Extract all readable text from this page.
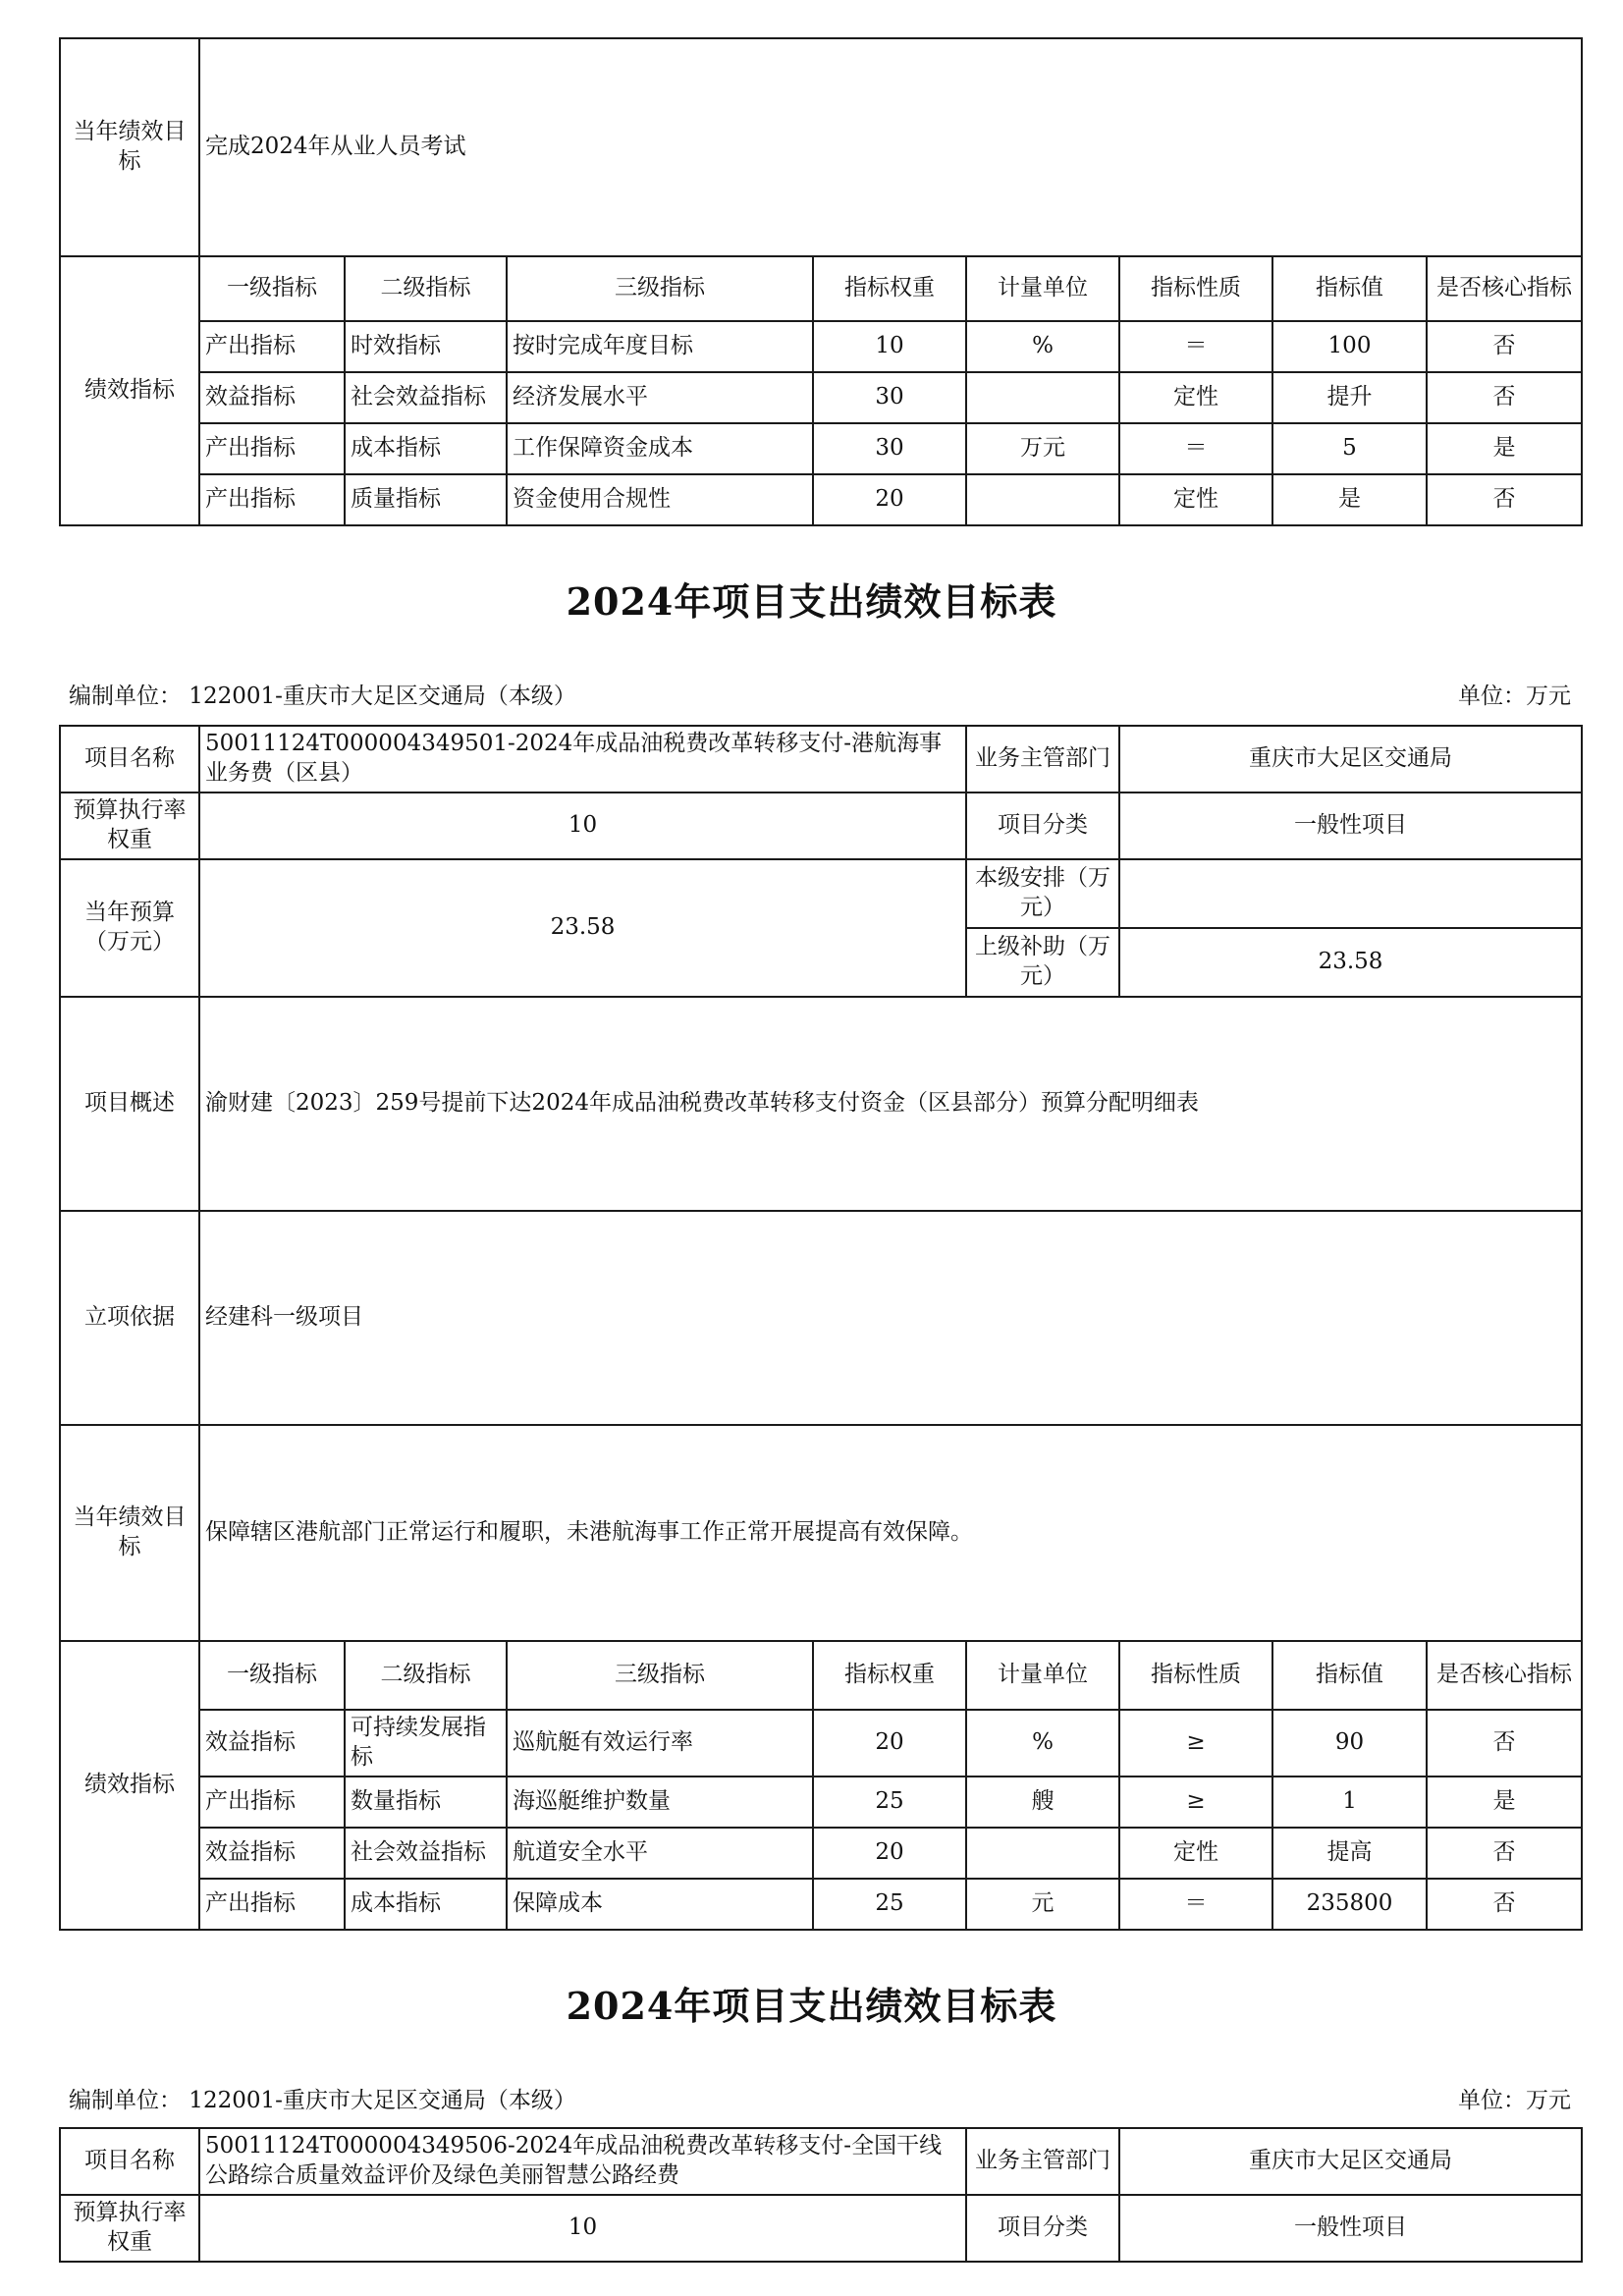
当年绩效目标	完成2024年从业人员考试							
绩效指标	一级指标	二级指标	三级指标	指标权重	计量单位	指标性质	指标值	是否核心指标
	产出指标	时效指标	按时完成年度目标	10	%	＝	100	否
	效益指标	社会效益指标	经济发展水平	30		定性	提升	否
	产出指标	成本指标	工作保障资金成本	30	万元	＝	5	是
	产出指标	质量指标	资金使用合规性	20		定性	是	否
2024年项目支出绩效目标表
编制单位： 122001-重庆市大足区交通局（本级）	单位：万元
项目名称	50011124T000004349501-2024年成品油税费改革转移支付-港航海事业务费（区县）				业务主管部门	重庆市大足区交通局		
预算执行率权重	10				项目分类	一般性项目		
当年预算（万元）	23.58				本级安排（万元）			
					上级补助（万元）	23.58		
项目概述	渝财建〔2023〕259号提前下达2024年成品油税费改革转移支付资金（区县部分）预算分配明细表							
立项依据	经建科一级项目							
当年绩效目标	保障辖区港航部门正常运行和履职，未港航海事工作正常开展提高有效保障。							
绩效指标	一级指标	二级指标	三级指标	指标权重	计量单位	指标性质	指标值	是否核心指标
	效益指标	可持续发展指标	巡航艇有效运行率	20	%	≥	90	否
	产出指标	数量指标	海巡艇维护数量	25	艘	≥	1	是
	效益指标	社会效益指标	航道安全水平	20		定性	提高	否
	产出指标	成本指标	保障成本	25	元	＝	235800	否
2024年项目支出绩效目标表
编制单位： 122001-重庆市大足区交通局（本级）	单位：万元
项目名称	50011124T000004349506-2024年成品油税费改革转移支付-全国干线公路综合质量效益评价及绿色美丽智慧公路经费	业务主管部门	重庆市大足区交通局
预算执行率权重	10	项目分类	一般性项目
